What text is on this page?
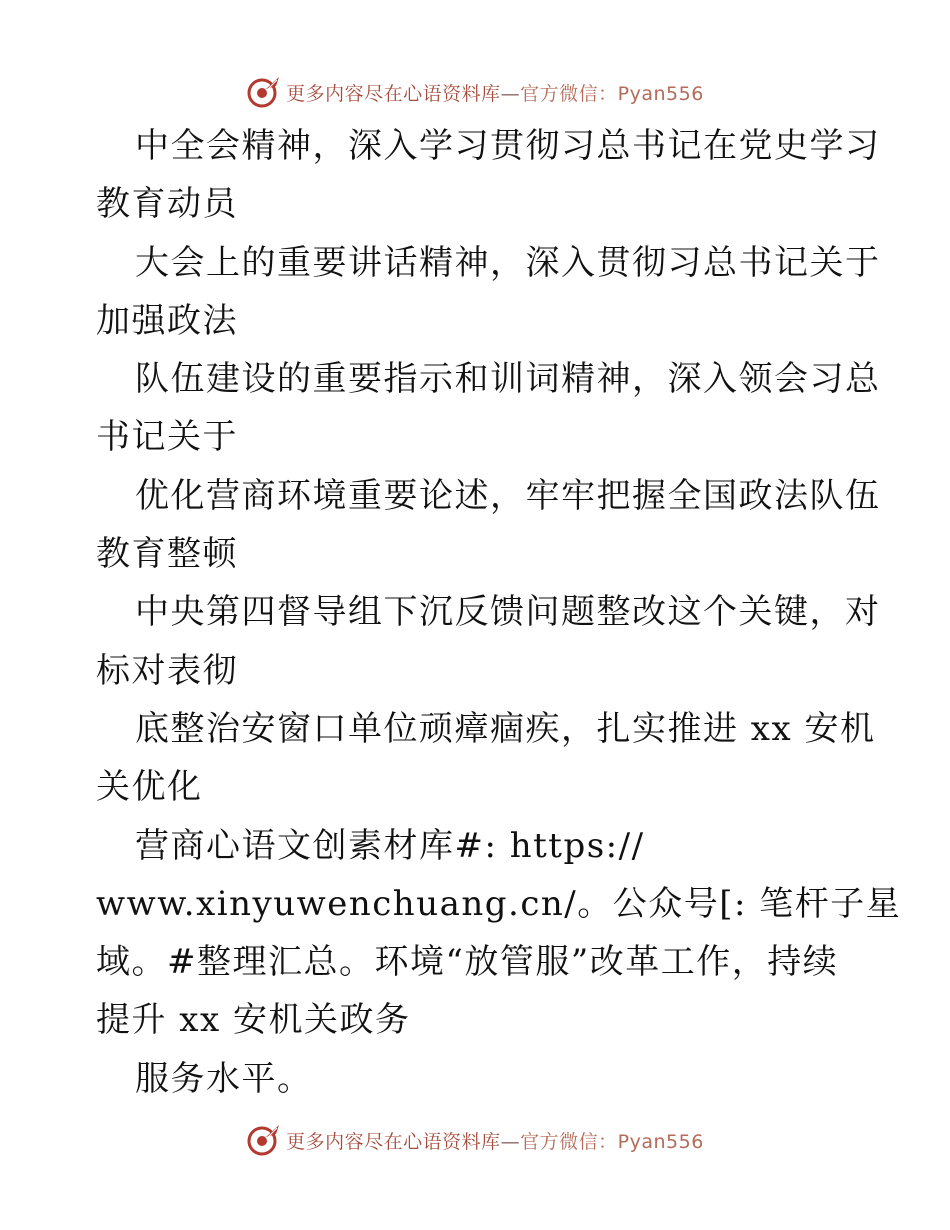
更多内容尽在心语资料库—官方微信：Pyan556
中全会精神，深入学习贯彻习总书记在党史学习
教育动员
大会上的重要讲话精神，深入贯彻习总书记关于
加强政法
队伍建设的重要指示和训词精神，深入领会习总
书记关于
优化营商环境重要论述，牢牢把握全国政法队伍
教育整顿
中央第四督导组下沉反馈问题整改这个关键，对
标对表彻
底整治安窗口单位顽瘴痼疾，扎实推进 xx 安机
关优化
营商心语文创素材库#: https://
www.xinyuwenchuang.cn/。公众号[: 笔杆子星
域。#整理汇总。环境“放管服”改革工作，持续
提升 xx 安机关政务
服务水平。
更多内容尽在心语资料库—官方微信：Pyan556
